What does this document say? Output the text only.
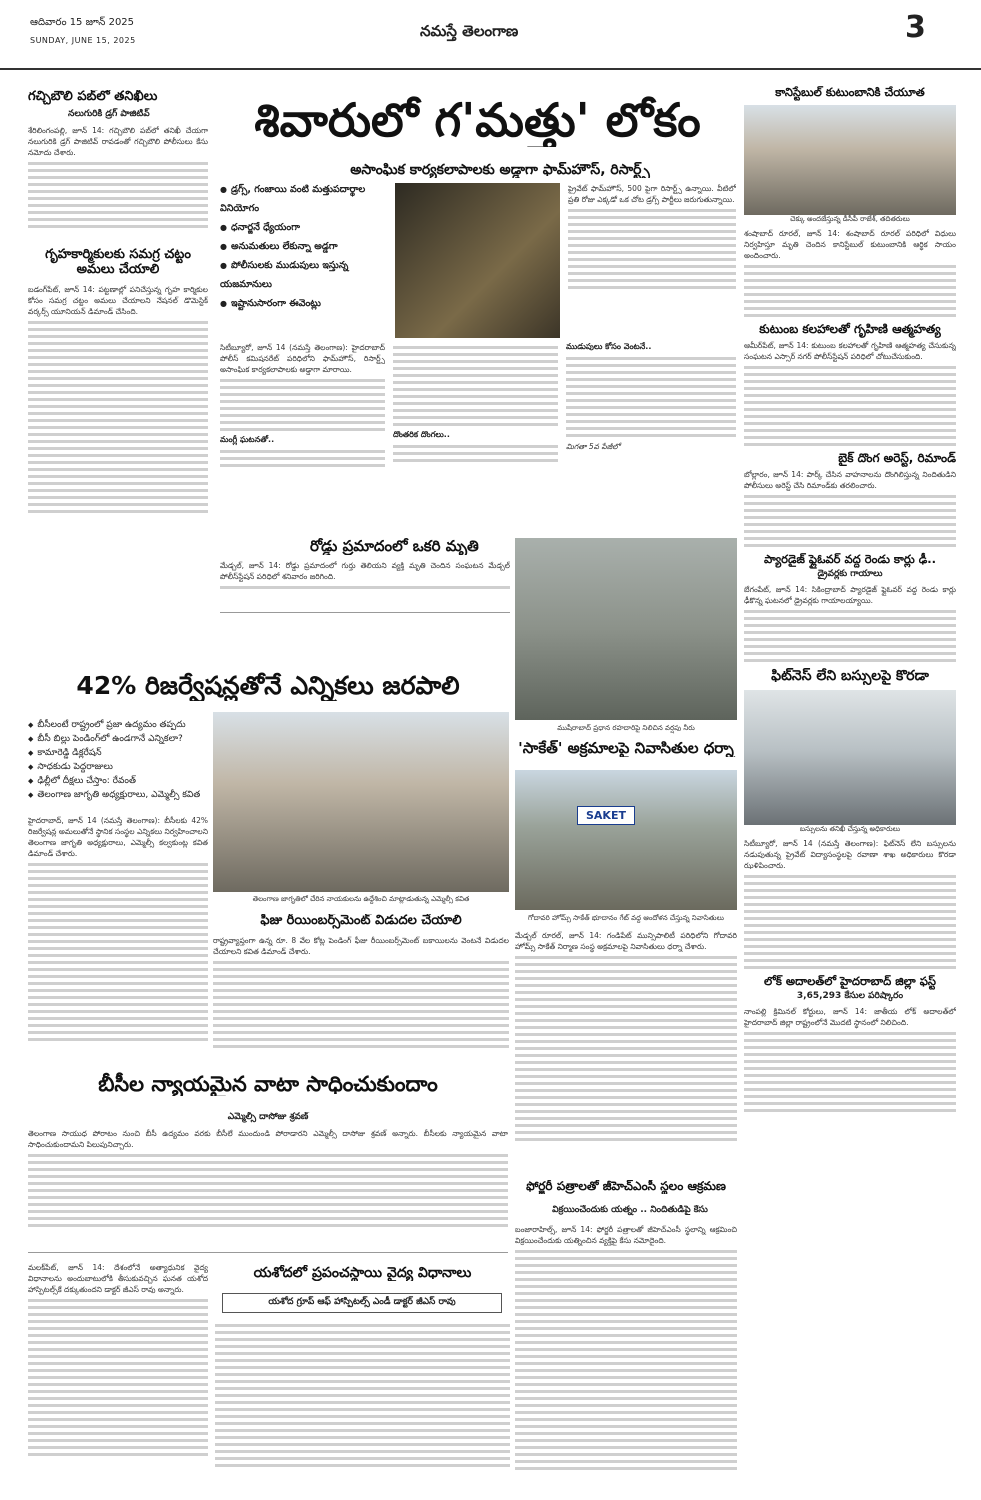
ఆదివారం 15 జూన్ 2025
SUNDAY, JUNE 15, 2025
నమస్తే తెలంగాణ	3
గచ్చిబౌలి పబ్‌లో తనిఖీలు
నలుగురికి డ్రగ్ పాజిటివ్
శేరిలింగంపల్లి, జూన్ 14: గచ్చిబౌలి పబ్‌లో తనిఖీ చేయగా నలుగురికి డ్రగ్ పాజిటివ్ రావడంతో గచ్చిబౌలి పోలీసులు కేసు నమోదు చేశారు.
గృహకార్మికులకు సమగ్ర చట్టం అమలు చేయాలి
బడంగ్‌పేట్, జూన్ 14: పట్టణాల్లో పనిచేస్తున్న గృహ కార్మికుల కోసం సమగ్ర చట్టం అమలు చేయాలని నేషనల్ డొమెస్టిక్ వర్కర్స్ యూనియన్ డిమాండ్ చేసింది.
శివారులో గ'మత్తు' లోకం
అసాంఘిక కార్యకలాపాలకు అడ్డాగా ఫామ్‌హౌస్, రిసార్ట్స్
● డ్రగ్స్, గంజాయి వంటి మత్తుపదార్థాల వినియోగం
● ధనార్జనే ధ్యేయంగా
● అనుమతులు లేకున్నా అడ్డగా
● పోలీసులకు ముడుపులు ఇస్తున్న యజమానులు
● ఇష్టానుసారంగా ఈవెంట్లు
ప్రైవేట్ ఫామ్‌హౌస్, 500 పైగా రిసార్ట్స్ ఉన్నాయి. వీటిలో ప్రతి రోజు ఎక్కడో ఒక చోట డ్రగ్స్ పార్టీలు జరుగుతున్నాయి.
సిటీబ్యూరో, జూన్ 14 (నమస్తే తెలంగాణ): హైదరాబాద్ పోలీస్ కమిషనరేట్ పరిధిలోని ఫామ్‌హౌస్, రిసార్ట్స్ అసాంఘిక కార్యకలాపాలకు అడ్డాగా మారాయి.
మంగ్లీ ఘటనతో..
దొంతరిక దొంగలు..
ముడుపులు కోసం వెంటనే..
మిగతా 5వ పేజీలో
రోడ్డు ప్రమాదంలో ఒకరి మృతి
మేడ్చల్, జూన్ 14: రోడ్డు ప్రమాదంలో గుర్తు తెలియని వ్యక్తి మృతి చెందిన సంఘటన మేడ్చల్ పోలీస్‌స్టేషన్ పరిధిలో శనివారం జరిగింది.
ముషీరాబాద్ ప్రధాన రహదారిపై నిలిచిన వర్షపు నీరు
'సాకేత్' అక్రమాలపై నివాసితుల ధర్నా
SAKET
గోదావరి హోమ్స్ సాకేత్ భూదానం గేట్ వద్ద ఆందోళన చేస్తున్న నివాసితులు
మేడ్చల్ రూరల్, జూన్ 14: గండిపేట్ మున్సిపాలిటీ పరిధిలోని గోదావరి హోమ్స్ సాకేత్ నిర్మాణ సంస్థ అక్రమాలపై నివాసితులు ధర్నా చేశారు.
ఫోర్జరీ పత్రాలతో జీహెచ్‌ఎంసీ స్థలం ఆక్రమణ
విక్రయించేందుకు యత్నం .. నిందితుడిపై కేసు
బంజారాహిల్స్, జూన్ 14: ఫోర్జరీ పత్రాలతో జీహెచ్‌ఎంసీ స్థలాన్ని ఆక్రమించి విక్రయించేందుకు యత్నించిన వ్యక్తిపై కేసు నమోదైంది.
కానిస్టేబుల్ కుటుంబానికి చేయూత
చెక్కు అందజేస్తున్న డీసీపీ రాజేశ్, తదితరులు
శంషాబాద్ రూరల్, జూన్ 14: శంషాబాద్ రూరల్ పరిధిలో విధులు నిర్వహిస్తూ మృతి చెందిన కానిస్టేబుల్ కుటుంబానికి ఆర్థిక సాయం అందించారు.
కుటుంబ కలహాలతో గృహిణి ఆత్మహత్య
ఆమీర్‌పేట్, జూన్ 14: కుటుంబ కలహాలతో గృహిణి ఆత్మహత్య చేసుకున్న సంఘటన ఎస్సార్ నగర్ పోలీస్‌స్టేషన్ పరిధిలో చోటుచేసుకుంది.
బైక్ దొంగ అరెస్ట్, రిమాండ్
బోల్లారం, జూన్ 14: పార్క్ చేసిన వాహనాలను దొంగిలిస్తున్న నిందితుడిని పోలీసులు అరెస్ట్ చేసి రిమాండ్‌కు తరలించారు.
ప్యారడైజ్ ఫ్లైఓవర్ వద్ద రెండు కార్లు ఢీ..
డ్రైవర్లకు గాయాలు
బేగంపేట్, జూన్ 14: సికింద్రాబాద్ ప్యారడైజ్ ఫ్లైఓవర్ వద్ద రెండు కార్లు ఢీకొన్న ఘటనలో డ్రైవర్లకు గాయాలయ్యాయి.
ఫిట్‌నెస్ లేని బస్సులపై కొరడా
బస్సులను తనిఖీ చేస్తున్న అధికారులు
సిటీబ్యూరో, జూన్ 14 (నమస్తే తెలంగాణ): ఫిట్‌నెస్ లేని బస్సులను నడుపుతున్న ప్రైవేట్ విద్యాసంస్థలపై రవాణా శాఖ అధికారులు కొరడా ఝళిపించారు.
లోక్ అదాలత్‌లో హైదరాబాద్ జిల్లా ఫస్ట్
3,65,293 కేసుల పరిష్కారం
నాంపల్లి క్రిమినల్ కోర్టులు, జూన్ 14: జాతీయ లోక్ అదాలత్‌లో హైదరాబాద్ జిల్లా రాష్ట్రంలోనే మొదటి స్థానంలో నిలిచింది.
42% రిజర్వేషన్లతోనే ఎన్నికలు జరపాలి
◆ బీసీలంటే రాష్ట్రంలో ప్రజా ఉద్యమం తప్పదు
◆ బీసీ బిల్లు పెండింగ్‌లో ఉండగానే ఎన్నికలా?
◆ కామారెడ్డి డిక్లరేషన్
◆ సాధకుడు పెద్దరాజులు
◆ ఢిల్లీలో దీక్షలు చేస్తాం: రేవంత్
◆ తెలంగాణ జాగృతి అధ్యక్షురాలు, ఎమ్మెల్సీ కవిత
హైదరాబాద్, జూన్ 14 (నమస్తే తెలంగాణ): బీసీలకు 42% రిజర్వేషన్ల అమలుతోనే స్థానిక సంస్థల ఎన్నికలు నిర్వహించాలని తెలంగాణ జాగృతి అధ్యక్షురాలు, ఎమ్మెల్సీ కల్వకుంట్ల కవిత డిమాండ్ చేశారు.
తెలంగాణ జాగృతిలో చేరిన నాయకులను ఉద్దేశించి మాట్లాడుతున్న ఎమ్మెల్సీ కవిత
ఫీజు రీయింబర్స్‌మెంట్ విడుదల చేయాలి
రాష్ట్రవ్యాప్తంగా ఉన్న రూ. 8 వేల కోట్ల పెండింగ్ ఫీజు రీయింబర్స్‌మెంట్ బకాయిలను వెంటనే విడుదల చేయాలని కవిత డిమాండ్ చేశారు.
బీసీల న్యాయమైన వాటా సాధించుకుందాం
ఎమ్మెల్సీ దాసోజు శ్రవణ్
తెలంగాణ సాయుధ పోరాటం నుంచి బీసీ ఉద్యమం వరకు బీసీలే ముందుండి పోరాడారని ఎమ్మెల్సీ దాసోజు శ్రవణ్ అన్నారు. బీసీలకు న్యాయమైన వాటా సాధించుకుందామని పిలుపునిచ్చారు.
మలక్‌పేట్, జూన్ 14: దేశంలోనే అత్యాధునిక వైద్య విధానాలను అందుబాటులోకి తీసుకువచ్చిన ఘనత యశోద హాస్పిటల్స్‌కే దక్కుతుందని డాక్టర్ జీఎస్ రావు అన్నారు.
యశోదలో ప్రపంచస్థాయి వైద్య విధానాలు
యశోద గ్రూప్ ఆఫ్ హాస్పిటల్స్ ఎండీ డాక్టర్ జీఎస్ రావు
